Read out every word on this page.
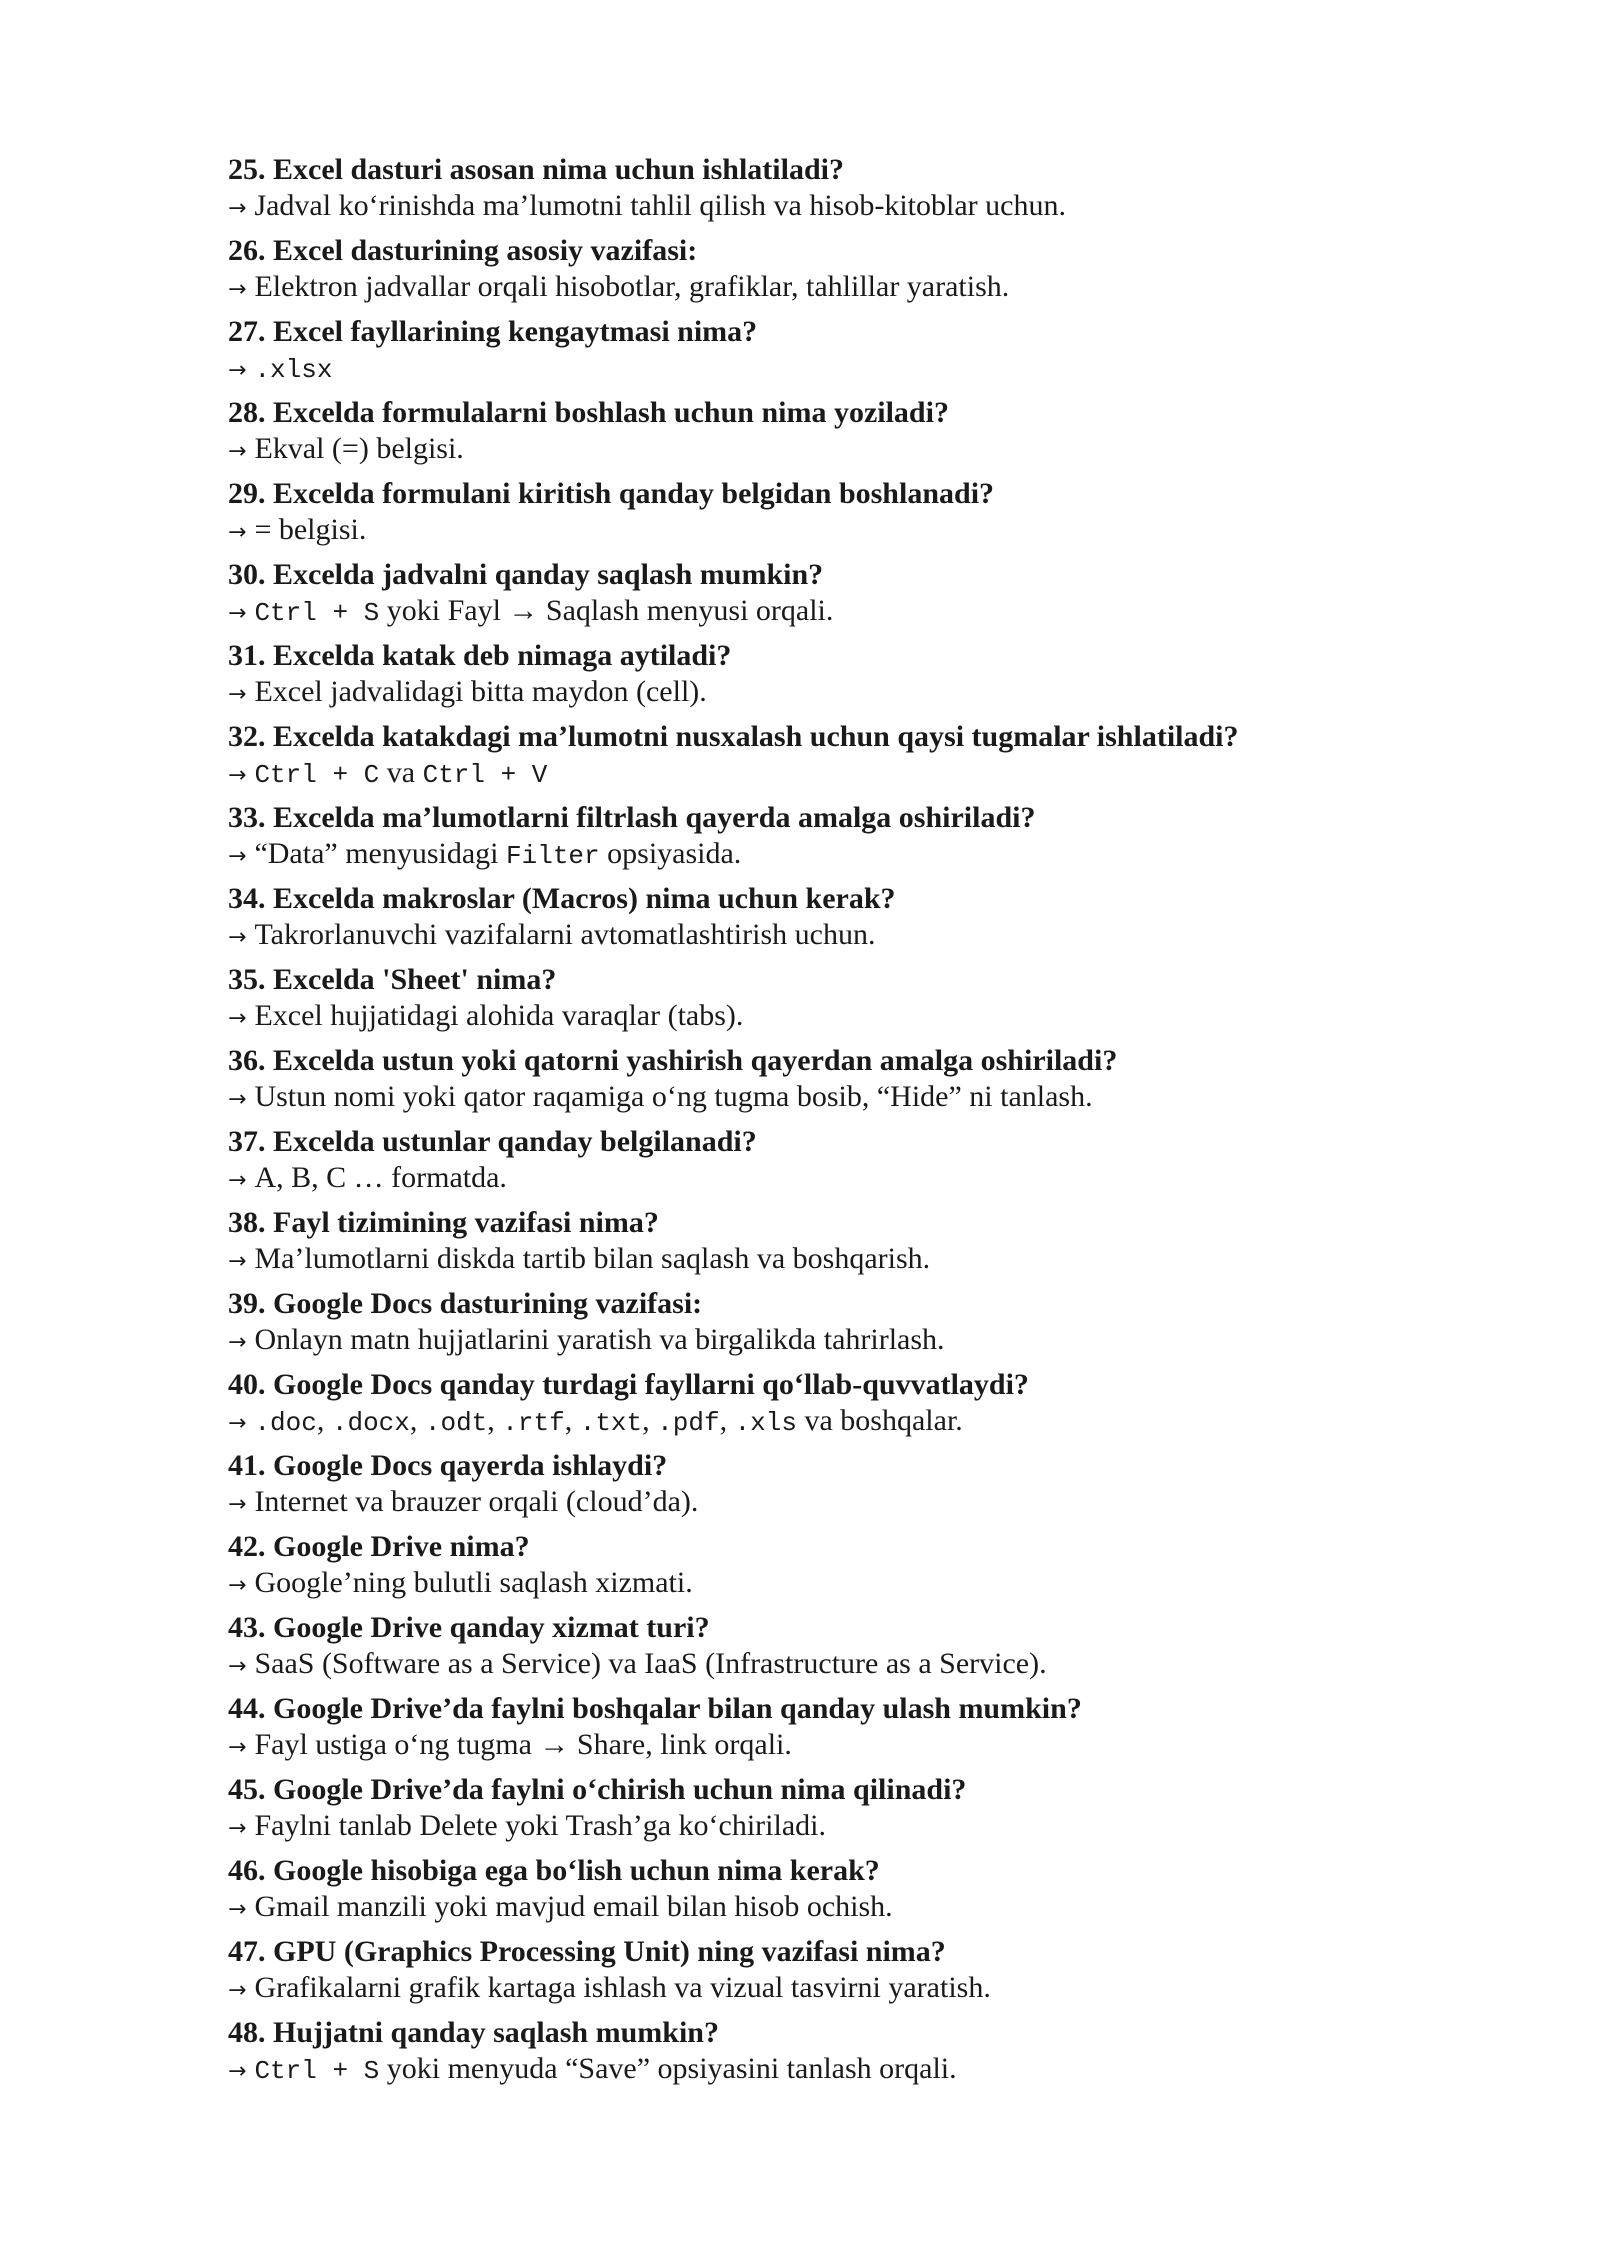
25. Excel dasturi asosan nima uchun ishlatiladi?
→ Jadval ko‘rinishda ma’lumotni tahlil qilish va hisob-kitoblar uchun.
26. Excel dasturining asosiy vazifasi:
→ Elektron jadvallar orqali hisobotlar, grafiklar, tahlillar yaratish.
27. Excel fayllarining kengaytmasi nima?
→ .xlsx
28. Excelda formulalarni boshlash uchun nima yoziladi?
→ Ekval (=) belgisi.
29. Excelda formulani kiritish qanday belgidan boshlanadi?
→ = belgisi.
30. Excelda jadvalni qanday saqlash mumkin?
→ Ctrl + S yoki Fayl → Saqlash menyusi orqali.
31. Excelda katak deb nimaga aytiladi?
→ Excel jadvalidagi bitta maydon (cell).
32. Excelda katakdagi ma’lumotni nusxalash uchun qaysi tugmalar ishlatiladi?
→ Ctrl + C va Ctrl + V
33. Excelda ma’lumotlarni filtrlash qayerda amalga oshiriladi?
→ “Data” menyusidagi Filter opsiyasida.
34. Excelda makroslar (Macros) nima uchun kerak?
→ Takrorlanuvchi vazifalarni avtomatlashtirish uchun.
35. Excelda 'Sheet' nima?
→ Excel hujjatidagi alohida varaqlar (tabs).
36. Excelda ustun yoki qatorni yashirish qayerdan amalga oshiriladi?
→ Ustun nomi yoki qator raqamiga o‘ng tugma bosib, “Hide” ni tanlash.
37. Excelda ustunlar qanday belgilanadi?
→ A, B, C … formatda.
38. Fayl tizimining vazifasi nima?
→ Ma’lumotlarni diskda tartib bilan saqlash va boshqarish.
39. Google Docs dasturining vazifasi:
→ Onlayn matn hujjatlarini yaratish va birgalikda tahrirlash.
40. Google Docs qanday turdagi fayllarni qo‘llab-quvvatlaydi?
→ .doc, .docx, .odt, .rtf, .txt, .pdf, .xls va boshqalar.
41. Google Docs qayerda ishlaydi?
→ Internet va brauzer orqali (cloud’da).
42. Google Drive nima?
→ Google’ning bulutli saqlash xizmati.
43. Google Drive qanday xizmat turi?
→ SaaS (Software as a Service) va IaaS (Infrastructure as a Service).
44. Google Drive’da faylni boshqalar bilan qanday ulash mumkin?
→ Fayl ustiga o‘ng tugma → Share, link orqali.
45. Google Drive’da faylni o‘chirish uchun nima qilinadi?
→ Faylni tanlab Delete yoki Trash’ga ko‘chiriladi.
46. Google hisobiga ega bo‘lish uchun nima kerak?
→ Gmail manzili yoki mavjud email bilan hisob ochish.
47. GPU (Graphics Processing Unit) ning vazifasi nima?
→ Grafikalarni grafik kartaga ishlash va vizual tasvirni yaratish.
48. Hujjatni qanday saqlash mumkin?
→ Ctrl + S yoki menyuda “Save” opsiyasini tanlash orqali.
